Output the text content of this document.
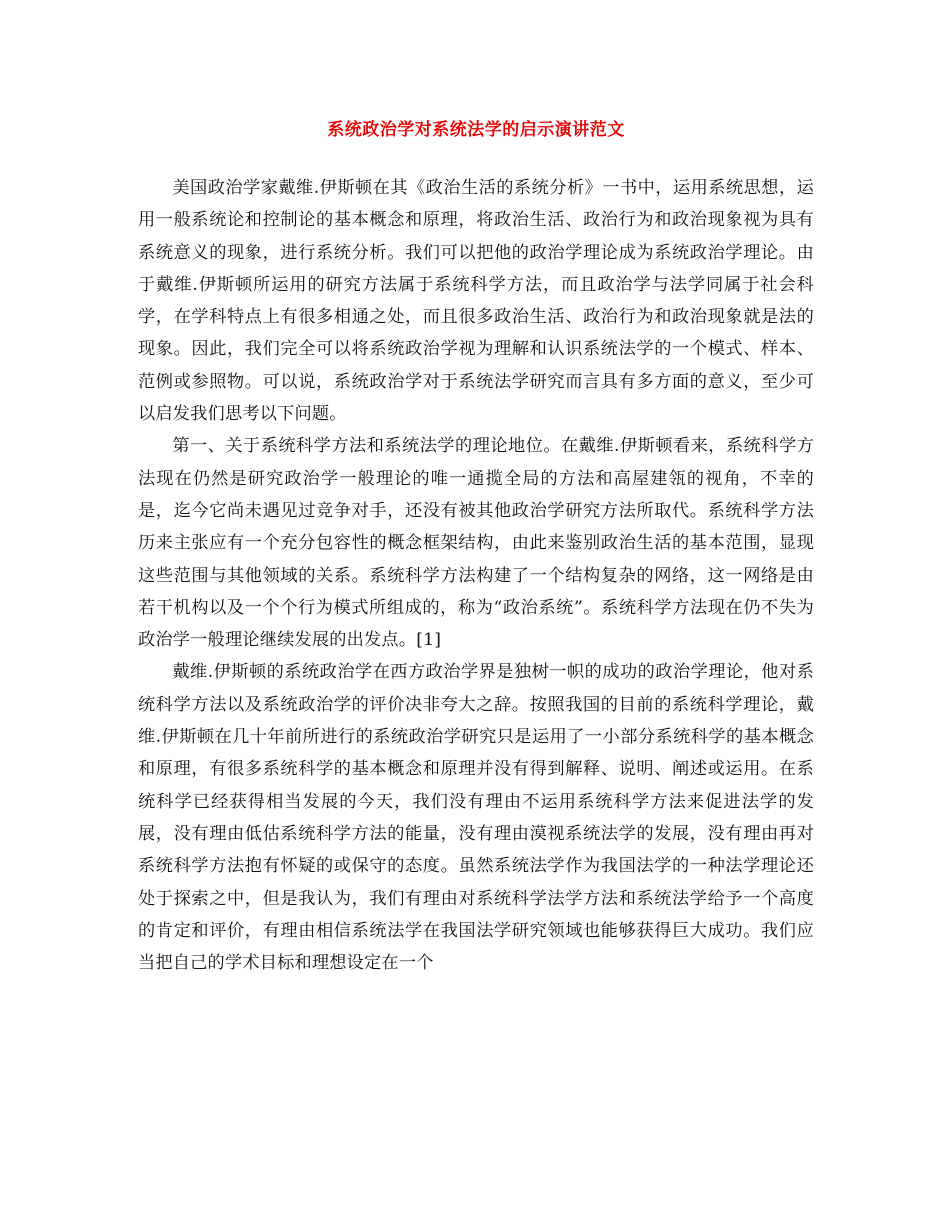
系统政治学对系统法学的启示演讲范文

美国政治学家戴维.伊斯顿在其《政治生活的系统分析》一书中，运用系统思想，运用一般系统论和控制论的基本概念和原理，将政治生活、政治行为和政治现象视为具有系统意义的现象，进行系统分析。我们可以把他的政治学理论成为系统政治学理论。由于戴维.伊斯顿所运用的研究方法属于系统科学方法，而且政治学与法学同属于社会科学，在学科特点上有很多相通之处，而且很多政治生活、政治行为和政治现象就是法的现象。因此，我们完全可以将系统政治学视为理解和认识系统法学的一个模式、样本、范例或参照物。可以说，系统政治学对于系统法学研究而言具有多方面的意义，至少可以启发我们思考以下问题。

第一、关于系统科学方法和系统法学的理论地位。在戴维.伊斯顿看来，系统科学方法现在仍然是研究政治学一般理论的唯一通揽全局的方法和高屋建瓴的视角，不幸的是，迄今它尚未遇见过竞争对手，还没有被其他政治学研究方法所取代。系统科学方法历来主张应有一个充分包容性的概念框架结构，由此来鉴别政治生活的基本范围，显现这些范围与其他领域的关系。系统科学方法构建了一个结构复杂的网络，这一网络是由若干机构以及一个个行为模式所组成的，称为“政治系统”。系统科学方法现在仍不失为政治学一般理论继续发展的出发点。[1]

戴维.伊斯顿的系统政治学在西方政治学界是独树一帜的成功的政治学理论，他对系统科学方法以及系统政治学的评价决非夸大之辞。按照我国的目前的系统科学理论，戴维.伊斯顿在几十年前所进行的系统政治学研究只是运用了一小部分系统科学的基本概念和原理，有很多系统科学的基本概念和原理并没有得到解释、说明、阐述或运用。在系统科学已经获得相当发展的今天，我们没有理由不运用系统科学方法来促进法学的发展，没有理由低估系统科学方法的能量，没有理由漠视系统法学的发展，没有理由再对系统科学方法抱有怀疑的或保守的态度。虽然系统法学作为我国法学的一种法学理论还处于探索之中，但是我认为，我们有理由对系统科学法学方法和系统法学给予一个高度的肯定和评价，有理由相信系统法学在我国法学研究领域也能够获得巨大成功。我们应当把自己的学术目标和理想设定在一个
